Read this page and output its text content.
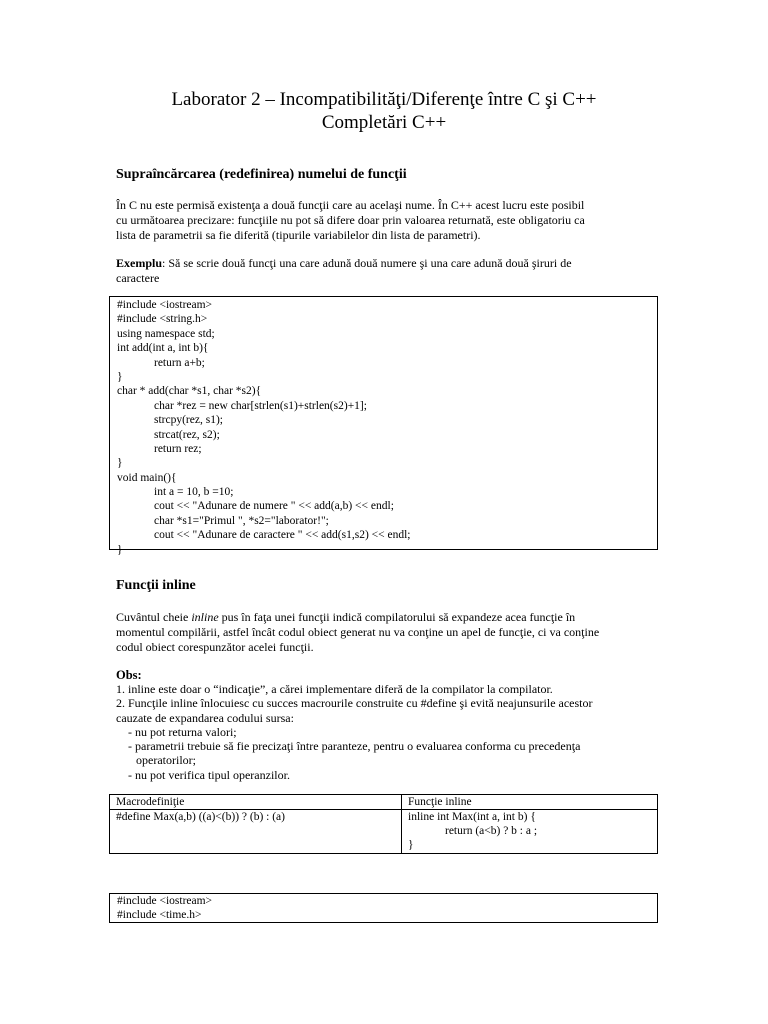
Laborator 2 – Incompatibilităţi/Diferenţe între C şi C++
Completări C++
Supraîncărcarea (redefinirea) numelui de funcţii
În C nu este permisă existenţa a două funcţii care au acelaşi nume. În C++ acest lucru este posibil
cu următoarea precizare: funcţiile nu pot să difere doar prin valoarea returnată, este obligatoriu ca
lista de parametrii sa fie diferită (tipurile variabilelor din lista de parametri).
Exemplu: Să se scrie două funcţi una care adună două numere şi una care adună două şiruri de
caractere
#include <iostream>
#include <string.h>
using namespace std;
int add(int a, int b){
return a+b;
}
char * add(char *s1, char *s2){
char *rez = new char[strlen(s1)+strlen(s2)+1];
strcpy(rez, s1);
strcat(rez, s2);
return rez;
}
void main(){
int a = 10, b =10;
cout << "Adunare de numere " << add(a,b) << endl;
char *s1="Primul ", *s2="laborator!";
cout << "Adunare de caractere " << add(s1,s2) << endl;
}
Funcţii inline
Cuvântul cheie inline pus în faţa unei funcţii indică compilatorului să expandeze acea funcţie în
momentul compilării, astfel încât codul obiect generat nu va conţine un apel de funcţie, ci va conţine
codul obiect corespunzător acelei funcţii.
Obs:
1. inline este doar o “indicaţie”, a cărei implementare diferă de la compilator la compilator.
2. Funcţile inline înlocuiesc cu succes macrourile construite cu #define şi evită neajunsurile acestor
cauzate de expandarea codului sursa:
- nu pot returna valori;
- parametrii trebuie să fie precizaţi între paranteze, pentru o evaluarea conforma cu precedenţa
operatorilor;
- nu pot verifica tipul operanzilor.
Macrodefiniţie	Funcţie inline
#define Max(a,b) ((a)<(b)) ? (b) : (a)	inline int Max(int a, int b) {
return (a<b) ? b : a ;
}
#include <iostream>
#include <time.h>
